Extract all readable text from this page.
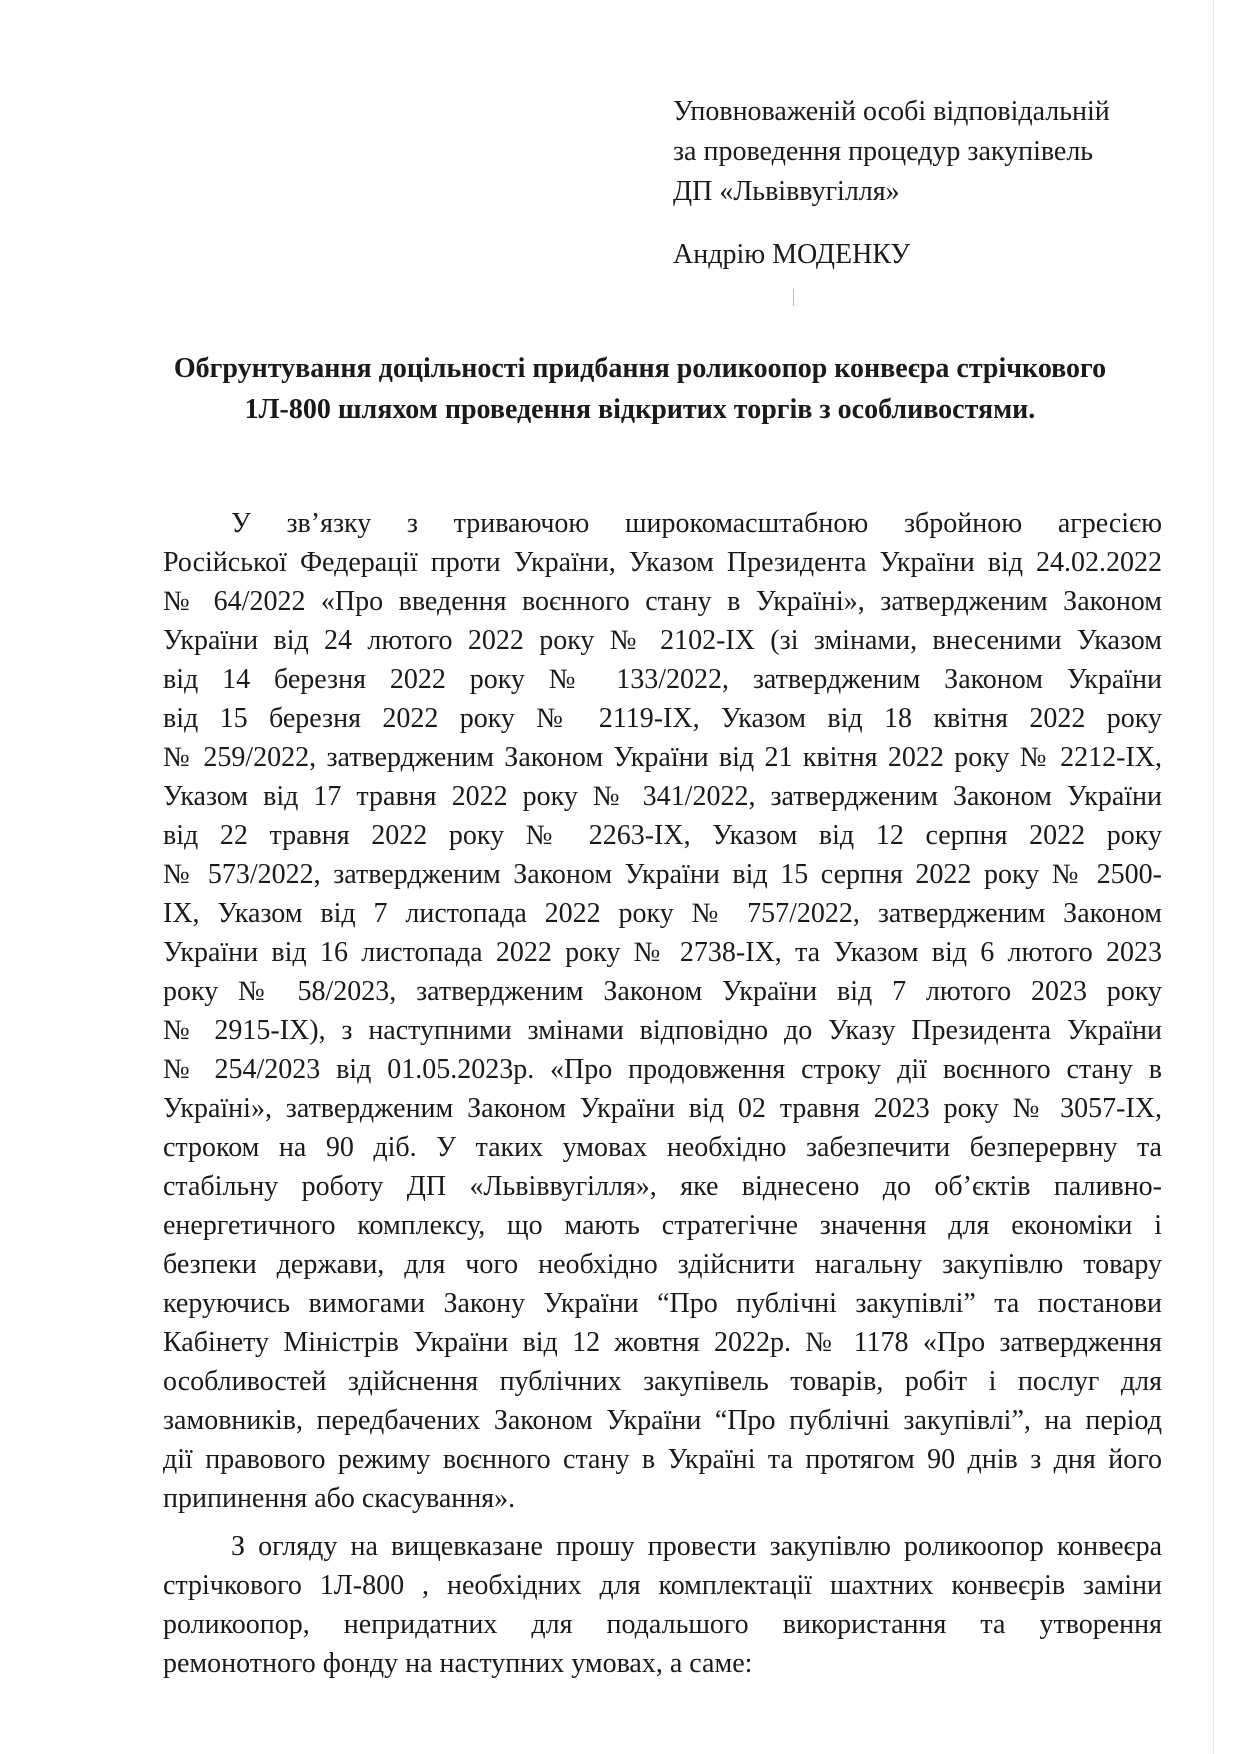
Уповноваженій особі відповідальній
за проведення процедур закупівель
ДП «Львіввугілля»
Андрію МОДЕНКУ
Обгрунтування доцільності придбання роликоопор конвеєра стрічкового
1Л-800 шляхом проведення відкритих торгів з особливостями.
У зв’язку з триваючою широкомасштабною збройною агресією
Російської Федерації проти України, Указом Президента України від 24.02.2022
№ 64/2022 «Про введення воєнного стану в Україні», затвердженим Законом
України від 24 лютого 2022 року № 2102-IX (зі змінами, внесеними Указом
від 14 березня 2022 року № 133/2022, затвердженим Законом України
від 15 березня 2022 року № 2119-IX, Указом від 18 квітня 2022 року
№ 259/2022, затвердженим Законом України від 21 квітня 2022 року № 2212-IX,
Указом від 17 травня 2022 року № 341/2022, затвердженим Законом України
від 22 травня 2022 року № 2263-IX, Указом від 12 серпня 2022 року
№ 573/2022, затвердженим Законом України від 15 серпня 2022 року № 2500-
IX, Указом від 7 листопада 2022 року № 757/2022, затвердженим Законом
України від 16 листопада 2022 року № 2738-IX, та Указом від 6 лютого 2023
року № 58/2023, затвердженим Законом України від 7 лютого 2023 року
№ 2915-IX), з наступними змінами відповідно до Указу Президента України
№ 254/2023 від 01.05.2023р. «Про продовження строку дії воєнного стану в
Україні», затвердженим Законом України від 02 травня 2023 року № 3057-IX,
строком на 90 діб. У таких умовах необхідно забезпечити безперервну та
стабільну роботу ДП «Львіввугілля», яке віднесено до об’єктів паливно-
енергетичного комплексу, що мають стратегічне значення для економіки і
безпеки держави, для чого необхідно здійснити нагальну закупівлю товару
керуючись вимогами Закону України “Про публічні закупівлі” та постанови
Кабінету Міністрів України від 12 жовтня 2022р. № 1178 «Про затвердження
особливостей здійснення публічних закупівель товарів, робіт і послуг для
замовників, передбачених Законом України “Про публічні закупівлі”, на період
дії правового режиму воєнного стану в Україні та протягом 90 днів з дня його
припинення або скасування».
З огляду на вищевказане прошу провести закупівлю роликоопор конвеєра
стрічкового 1Л-800 , необхідних для комплектації шахтних конвеєрів заміни
роликоопор, непридатних для подальшого використання та утворення
ремонотного фонду на наступних умовах, а саме:
